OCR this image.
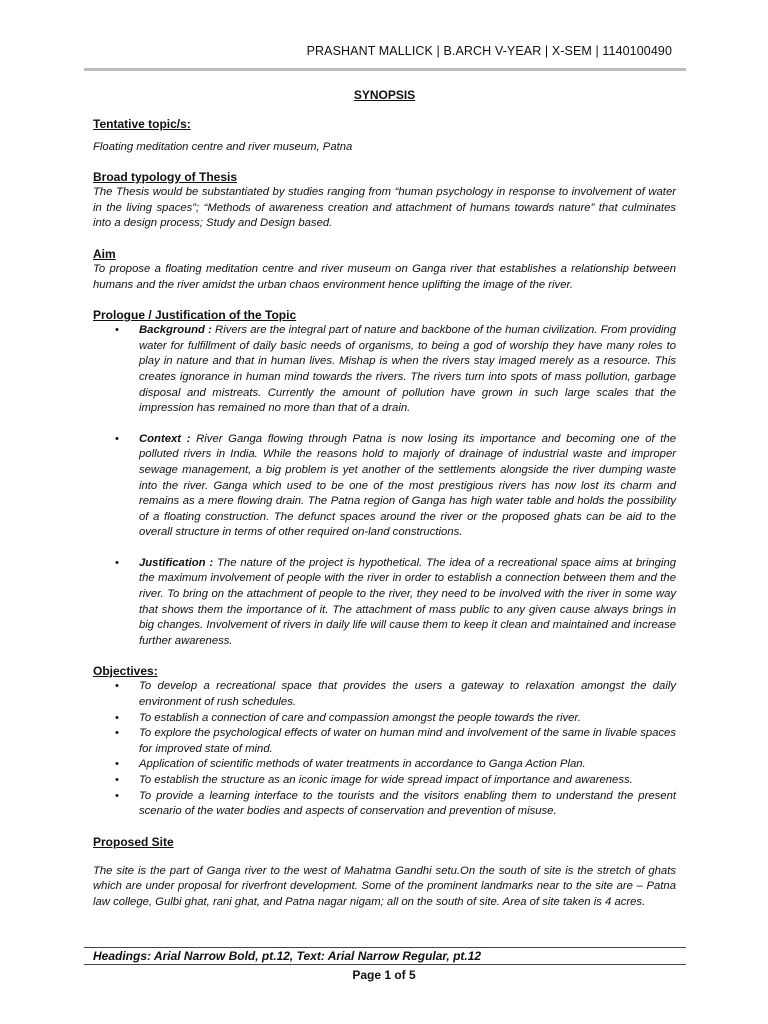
PRASHANT MALLICK | B.ARCH V-YEAR | X-SEM | 1140100490
SYNOPSIS
Tentative topic/s:

Floating meditation centre and river museum, Patna

Broad typology of Thesis

The Thesis would be substantiated by studies ranging from “human psychology in response to involvement of water in the living spaces”; “Methods of awareness creation and attachment of humans towards nature” that culminates into a design process; Study and Design based.

Aim

To propose a floating meditation centre and river museum on Ganga river that establishes a relationship between humans and the river amidst the urban chaos environment hence uplifting the image of the river.

Prologue / Justification of the Topic
• Background : Rivers are the integral part of nature and backbone of the human civilization. From providing water for fulfillment of daily basic needs of organisms, to being a god of worship they have many roles to play in nature and that in human lives. Mishap is when the rivers stay imaged merely as a resource. This creates ignorance in human mind towards the rivers. The rivers turn into spots of mass pollution, garbage disposal and mistreats. Currently the amount of pollution have grown in such large scales that the impression has remained no more than that of a drain.
• Context : River Ganga flowing through Patna is now losing its importance and becoming one of the polluted rivers in India. While the reasons hold to majorly of drainage of industrial waste and improper sewage management, a big problem is yet another of the settlements alongside the river dumping waste into the river. Ganga which used to be one of the most prestigious rivers has now lost its charm and remains as a mere flowing drain. The Patna region of Ganga has high water table and holds the possibility of a floating construction. The defunct spaces around the river or the proposed ghats can be aid to the overall structure in terms of other required on-land constructions.
• Justification : The nature of the project is hypothetical. The idea of a recreational space aims at bringing the maximum involvement of people with the river in order to establish a connection between them and the river. To bring on the attachment of people to the river, they need to be involved with the river in some way that shows them the importance of it. The attachment of mass public to any given cause always brings in big changes. Involvement of rivers in daily life will cause them to keep it clean and maintained and increase further awareness.
Objectives:
• To develop a recreational space that provides the users a gateway to relaxation amongst the daily environment of rush schedules.
• To establish a connection of care and compassion amongst the people towards the river.
• To explore the psychological effects of water on human mind and involvement of the same in livable spaces for improved state of mind.
• Application of scientific methods of water treatments in accordance to Ganga Action Plan.
• To establish the structure as an iconic image for wide spread impact of importance and awareness.
• To provide a learning interface to the tourists and the visitors enabling them to understand the present scenario of the water bodies and aspects of conservation and prevention of misuse.
Proposed Site

The site is the part of Ganga river to the west of Mahatma Gandhi setu.On the south of site is the stretch of ghats which are under proposal for riverfront development. Some of the prominent landmarks near to the site are – Patna law college, Gulbi ghat, rani ghat, and Patna nagar nigam; all on the south of site. Area of site taken is 4 acres.

Headings: Arial Narrow Bold, pt.12, Text: Arial Narrow Regular, pt.12
Page 1 of 5
